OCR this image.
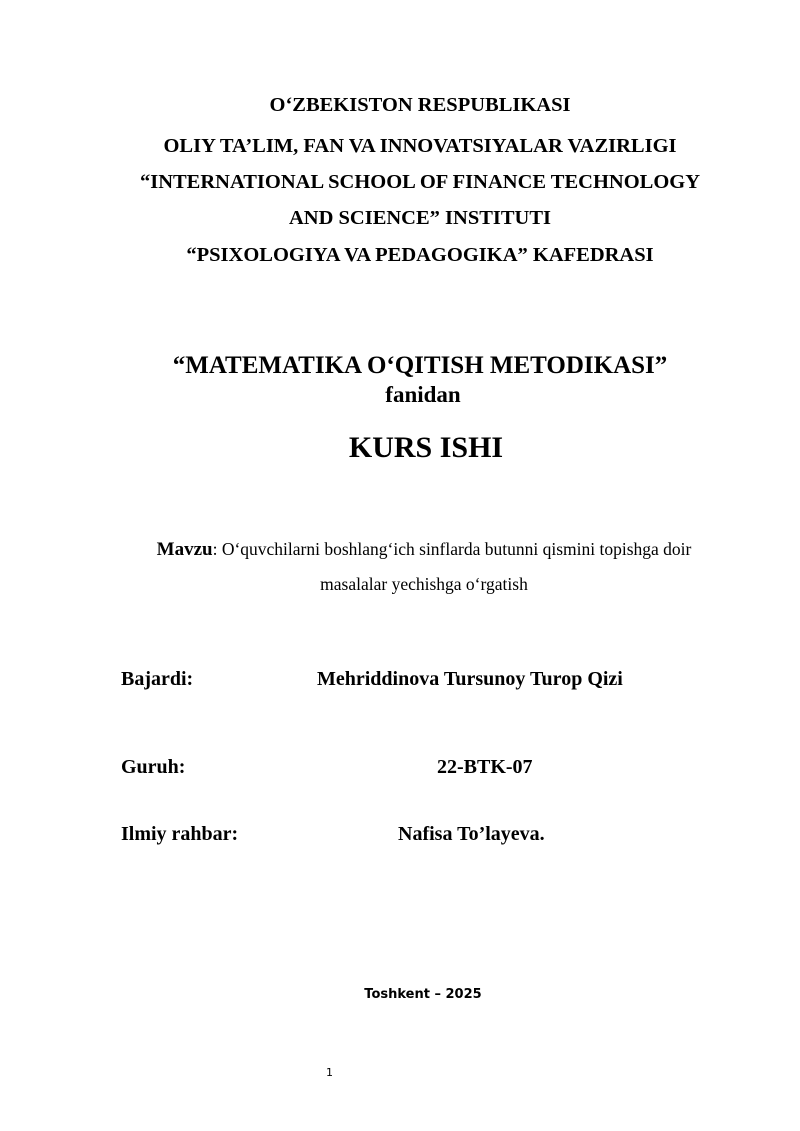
O‘ZBEKISTON RESPUBLIKASI
OLIY TA’LIM, FAN VA INNOVATSIYALAR VAZIRLIGI
“INTERNATIONAL SCHOOL OF FINANCE TECHNOLOGY
AND SCIENCE” INSTITUTI
“PSIXOLOGIYA VA PEDAGOGIKA” KAFEDRASI
“MATEMATIKA O‘QITISH METODIKASI”
fanidan
KURS ISHI
Mavzu: O‘quvchilarni boshlang‘ich sinflarda butunni qismini topishga doir
masalalar yechishga o‘rgatish
Bajardi:	Mehriddinova Tursunoy Turop Qizi
Guruh:	22-BTK-07
Ilmiy rahbar:	Nafisa To’layeva.
Toshkent – 2025
1
